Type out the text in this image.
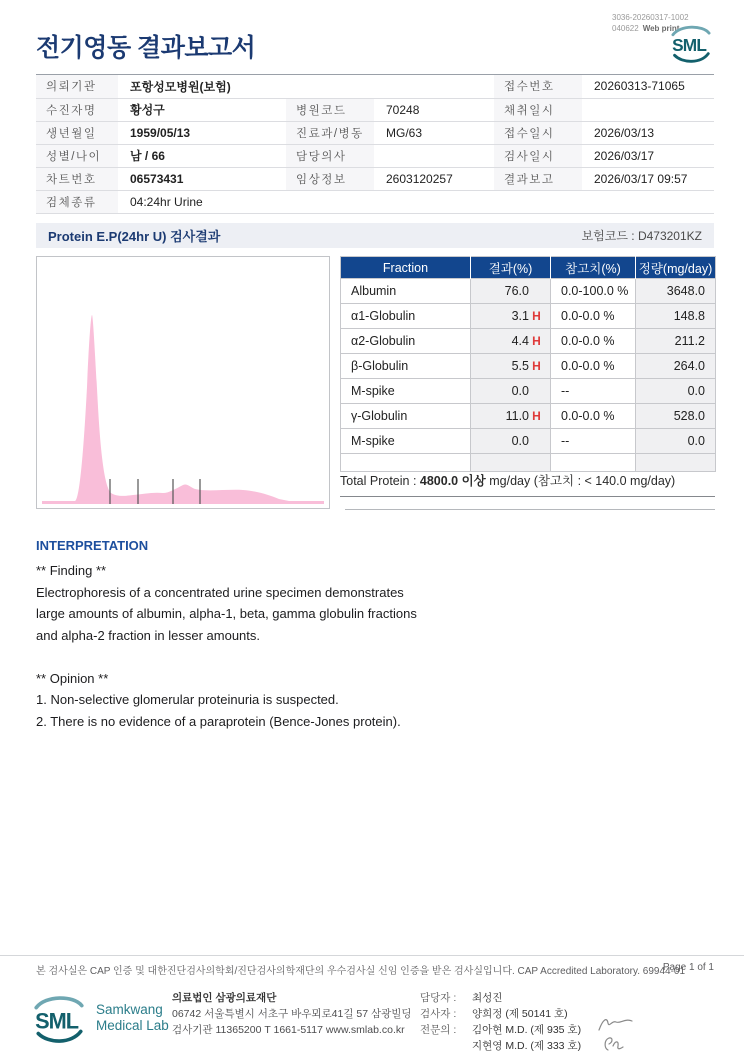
전기영동 결과보고서
3036-20260317-1002
040622 Web print
SML
의뢰기관	포항성모병원(보험)			접수번호	20260313-71065
수진자명	황성구	병원코드	70248	채취일시	
생년월일	1959/05/13	진료과/병동	MG/63	접수일시	2026/03/13
성별/나이	남 / 66	담당의사		검사일시	2026/03/17
차트번호	06573431	임상정보	2603120257	결과보고	2026/03/17 09:57
검체종류	04:24hr Urine				
Protein E.P(24hr U) 검사결과	보험코드 : D473201KZ
Fraction	결과(%)	참고치(%)	정량(mg/day)
Albumin	76.0	0.0-100.0 %	3648.0
α1-Globulin	3.1 H	0.0-0.0 %	148.8
α2-Globulin	4.4 H	0.0-0.0 %	211.2
β-Globulin	5.5 H	0.0-0.0 %	264.0
M-spike	0.0	--	0.0
γ-Globulin	11.0 H	0.0-0.0 %	528.0
M-spike	0.0	--	0.0

Total Protein : 4800.0 이상 mg/day (참고치 : < 140.0 mg/day)
INTERPRETATION
** Finding **
Electrophoresis of a concentrated urine specimen demonstrates
large amounts of albumin, alpha-1, beta, gamma globulin fractions
and alpha-2 fraction in lesser amounts.
** Opinion **
1. Non-selective glomerular proteinuria is suspected.
2. There is no evidence of a paraprotein (Bence-Jones protein).
본 검사실은 CAP 인증 및 대한진단검사의학회/진단검사의학재단의 우수검사실 신임 인증을 받은 검사실입니다. CAP Accredited Laboratory. 69944-01
Page 1 of 1
SML Samkwang
Medical Lab
의료법인 삼광의료재단
06742 서울특별시 서초구 바우뫼로41길 57 삼광빌딩
검사기관 11365200 T 1661-5117 www.smlab.co.kr
담당자 :	최성진
검사자 :	양희정 (제 50141 호)
전문의 :	김아현 M.D. (제 935 호)
지현영 M.D. (제 333 호)
